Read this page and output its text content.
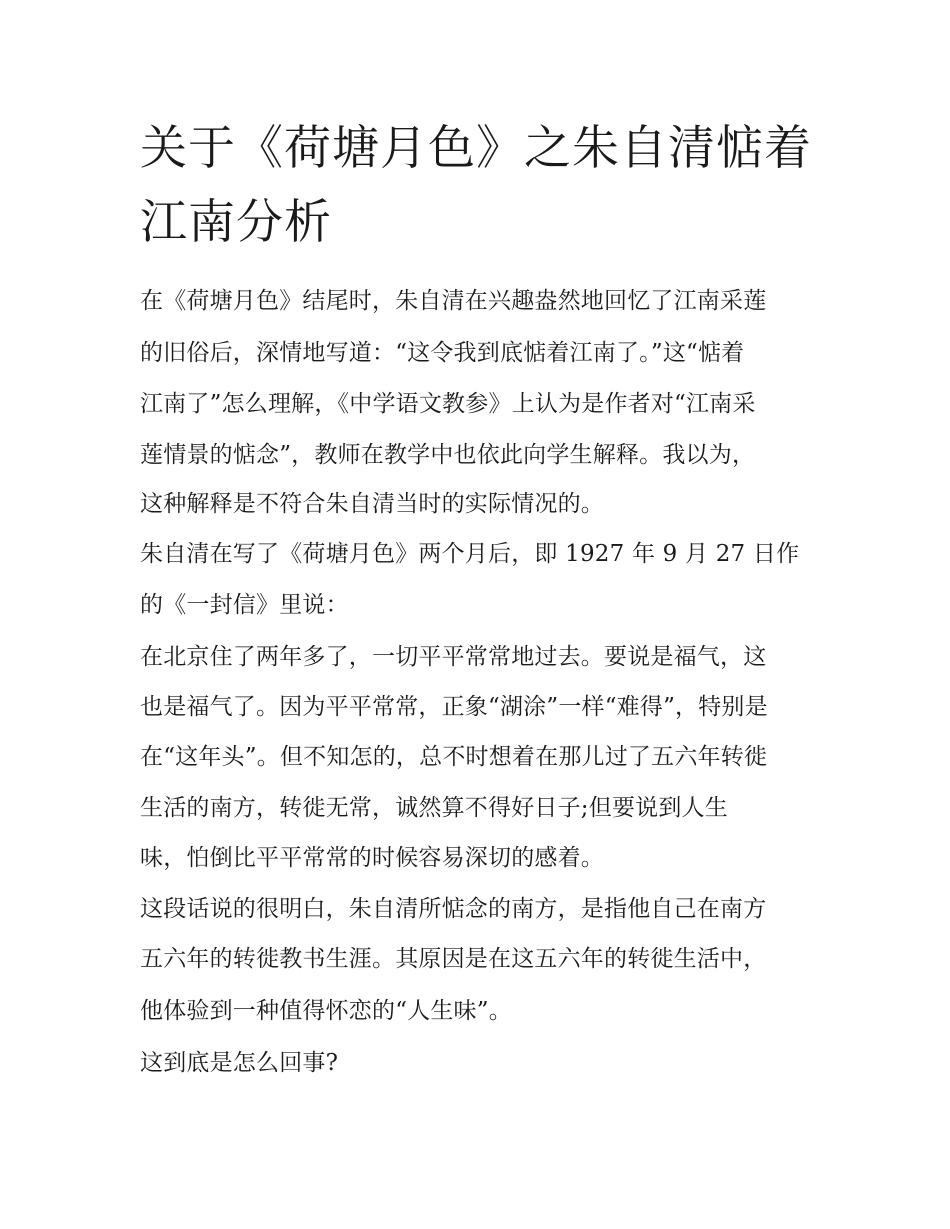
关于《荷塘月色》之朱自清惦着江南分析

在《荷塘月色》结尾时，朱自清在兴趣盎然地回忆了江南采莲

的旧俗后，深情地写道：“这令我到底惦着江南了。”这“惦着

江南了”怎么理解，《中学语文教参》上认为是作者对“江南采

莲情景的惦念”，教师在教学中也依此向学生解释。我以为，

这种解释是不符合朱自清当时的实际情况的。

朱自清在写了《荷塘月色》两个月后，即 1927 年 9 月 27 日作

的《一封信》里说：

在北京住了两年多了，一切平平常常地过去。要说是福气，这

也是福气了。因为平平常常，正象“湖涂”一样“难得”，特别是

在“这年头”。但不知怎的，总不时想着在那儿过了五六年转徙

生活的南方，转徙无常，诚然算不得好日子;但要说到人生

味，怕倒比平平常常的时候容易深切的感着。

这段话说的很明白，朱自清所惦念的南方，是指他自己在南方

五六年的转徙教书生涯。其原因是在这五六年的转徙生活中，

他体验到一种值得怀恋的“人生味”。

这到底是怎么回事?
